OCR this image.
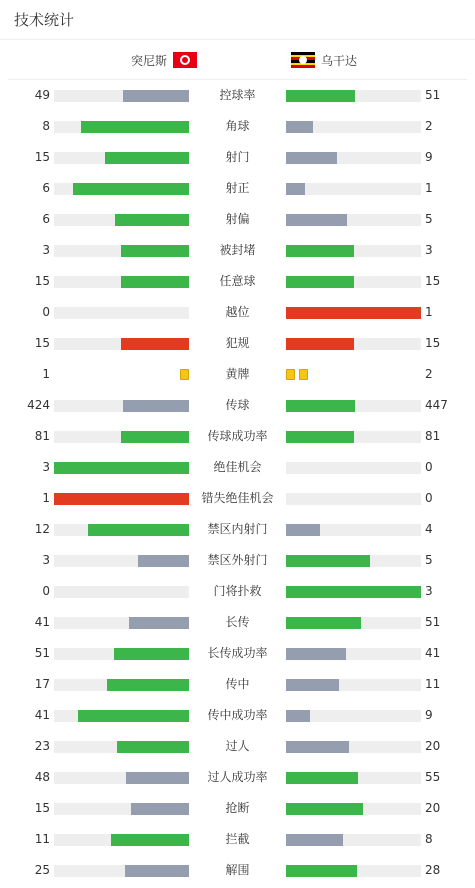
技术统计
突尼斯	乌干达
49	控球率	51
8	角球	2
15	射门	9
6	射正	1
6	射偏	5
3	被封堵	3
15	任意球	15
0	越位	1
15	犯规	15
1	黄牌	2
424	传球	447
81	传球成功率	81
3	绝佳机会	0
1	错失绝佳机会	0
12	禁区内射门	4
3	禁区外射门	5
0	门将扑救	3
41	长传	51
51	长传成功率	41
17	传中	11
41	传中成功率	9
23	过人	20
48	过人成功率	55
15	抢断	20
11	拦截	8
25	解围	28
